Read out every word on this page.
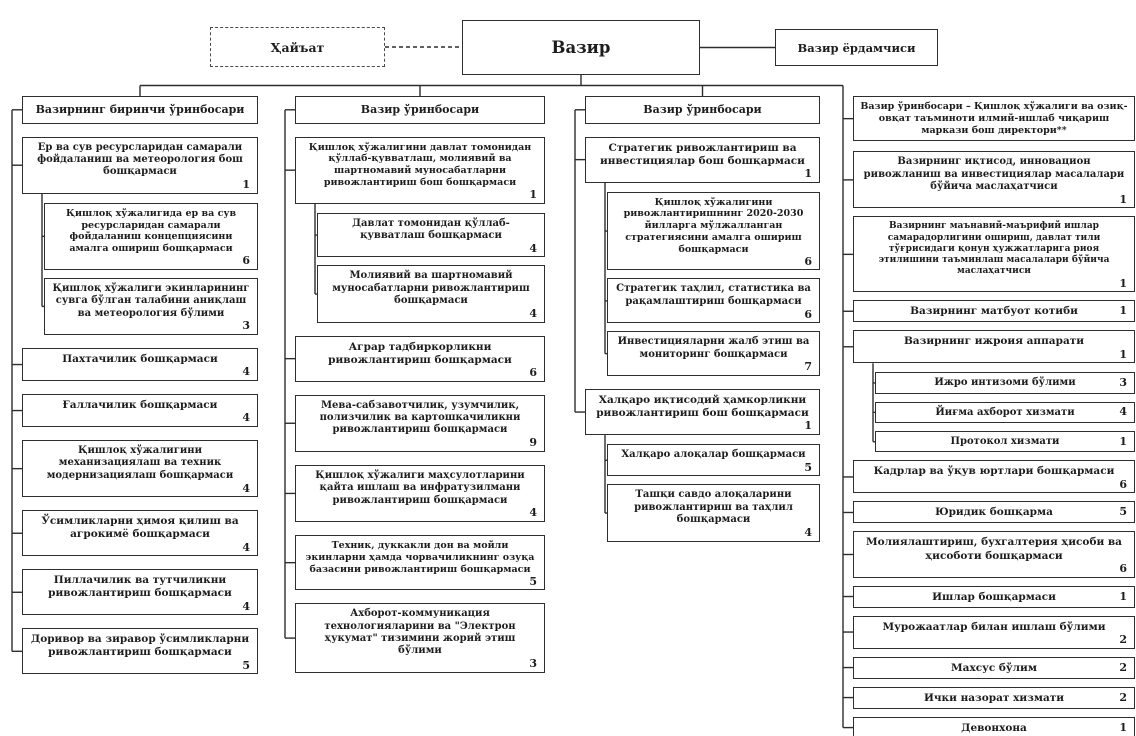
Ҳайъат	Вазир	Вазир ёрдамчиси
Вазирнинг биринчи ўринбосари
Ер ва сув ресурсларидан самарали фойдаланиш ва метеорология бош бошқармаси
1
Қишлоқ хўжалигида ер ва сув ресурсларидан самарали фойдаланиш концепциясини амалга ошириш бошқармаси
6
Қишлоқ хўжалиги экинларининг сувга бўлган талабини аниқлаш ва метеорология бўлими
3
Пахтачилик бошқармаси
4
Ғаллачилик бошқармаси
4
Қишлоқ хўжалигини механизациялаш ва техник модернизациялаш бошқармаси
4
Ўсимликларни ҳимоя қилиш ва агрокимё бошқармаси
4
Пиллачилик ва тутчиликни ривожлантириш бошқармаси
4
Доривор ва зиравор ўсимликларни ривожлантириш бошқармаси
5
Вазир ўринбосари
Қишлоқ хўжалигини давлат томонидан қўллаб-қувватлаш, молиявий ва шартномавий муносабатларни ривожлантириш бош бошқармаси
1
Давлат томонидан қўллаб-қувватлаш бошқармаси
4
Молиявий ва шартномавий муносабатларни ривожлантириш бошқармаси
4
Аграр тадбиркорликни ривожлантириш бошқармаси
6
Мева-сабзавотчилик, узумчилик, полизчилик ва картошкачиликни ривожлантириш бошқармаси
9
Қишлоқ хўжалиги маҳсулотларини қайта ишлаш ва инфратузилмани ривожлантириш бошқармаси
4
Техник, дуккакли дон ва мойли экинларни ҳамда чорвачиликнинг озуқа базасини ривожлантириш бошқармаси
5
Ахборот-коммуникация технологияларини ва "Электрон ҳукумат" тизимини жорий этиш бўлими
3
Вазир ўринбосари
Стратегик ривожлантириш ва инвестициялар бош бошқармаси
1
Қишлоқ хўжалигини ривожлантиришнинг 2020-2030 йилларга мўлжалланган стратегиясини амалга ошириш бошқармаси
6
Стратегик таҳлил, статистика ва рақамлаштириш бошқармаси
6
Инвестицияларни жалб этиш ва мониторинг бошқармаси
7
Халқаро иқтисодий ҳамкорликни ривожлантириш бош бошқармаси
1
Халқаро алоқалар бошқармаси
5
Ташқи савдо алоқаларини ривожлантириш ва таҳлил бошқармаси
4
Вазир ўринбосари – Қишлоқ хўжалиги ва озиқ-овқат таъминоти илмий-ишлаб чиқариш маркази бош директори**
Вазирнинг иқтисод, инновацион ривожланиш ва инвестициялар масалалари бўйича маслаҳатчиси
1
Вазирнинг маънавий-маърифий ишлар самарадорлигини ошириш, давлат тили тўғрисидаги қонун ҳужжатларига риоя этилишини таъминлаш масалалари бўйича маслаҳатчиси
1
Вазирнинг матбуот котиби	1
Вазирнинг ижроия аппарати
1
Ижро интизоми бўлими	3
Йиғма ахборот хизмати	4
Протокол хизмати	1
Кадрлар ва ўқув юртлари бошқармаси
6
Юридик бошқарма	5
Молиялаштириш, бухгалтерия ҳисоби ва ҳисоботи бошқармаси
6
Ишлар бошқармаси	1
Мурожаатлар билан ишлаш бўлими
2
Махсус бўлим	2
Ички назорат хизмати	2
Девонхона	1
